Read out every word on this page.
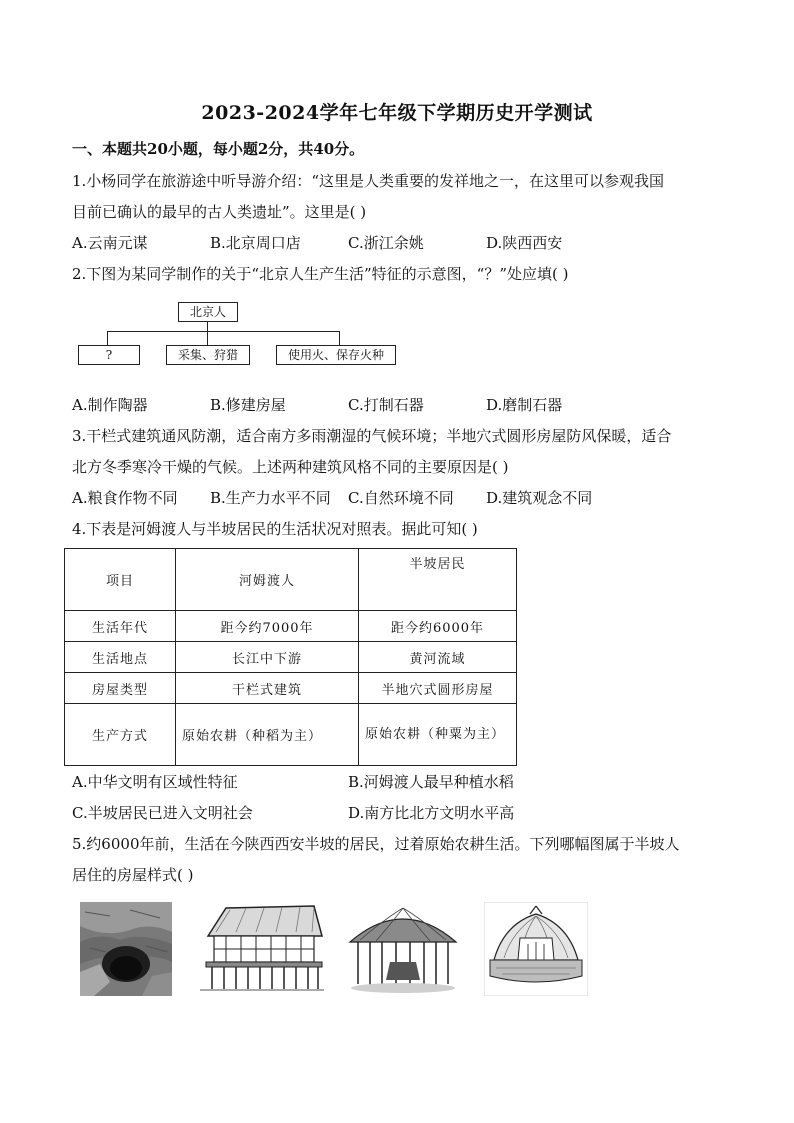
2023-2024学年七年级下学期历史开学测试
一、本题共20小题，每小题2分，共40分。
1.小杨同学在旅游途中听导游介绍：“这里是人类重要的发祥地之一，在这里可以参观我国
目前已确认的最早的古人类遗址”。这里是( )
A.云南元谋	B.北京周口店	C.浙江余姚	D.陕西西安
2.下图为某同学制作的关于“北京人生产生活”特征的示意图，“？”处应填( )
北京人
?	采集、狩猎	使用火、保存火种
A.制作陶器	B.修建房屋	C.打制石器	D.磨制石器
3.干栏式建筑通风防潮，适合南方多雨潮湿的气候环境；半地穴式圆形房屋防风保暖，适合
北方冬季寒冷干燥的气候。上述两种建筑风格不同的主要原因是( )
A.粮食作物不同 B.生产力水平不同 C.自然环境不同 D.建筑观念不同
4.下表是河姆渡人与半坡居民的生活状况对照表。据此可知( )
项目	河姆渡人	半坡居民
生活年代	距今约7000年	距今约6000年
生活地点	长江中下游	黄河流域
房屋类型	干栏式建筑	半地穴式圆形房屋
生产方式	原始农耕（种稻为主）	原始农耕（种粟为主）
A.中华文明有区域性特征	B.河姆渡人最早种植水稻
C.半坡居民已进入文明社会	D.南方比北方文明水平高
5.约6000年前，生活在今陕西西安半坡的居民，过着原始农耕生活。下列哪幅图属于半坡人
居住的房屋样式( )
